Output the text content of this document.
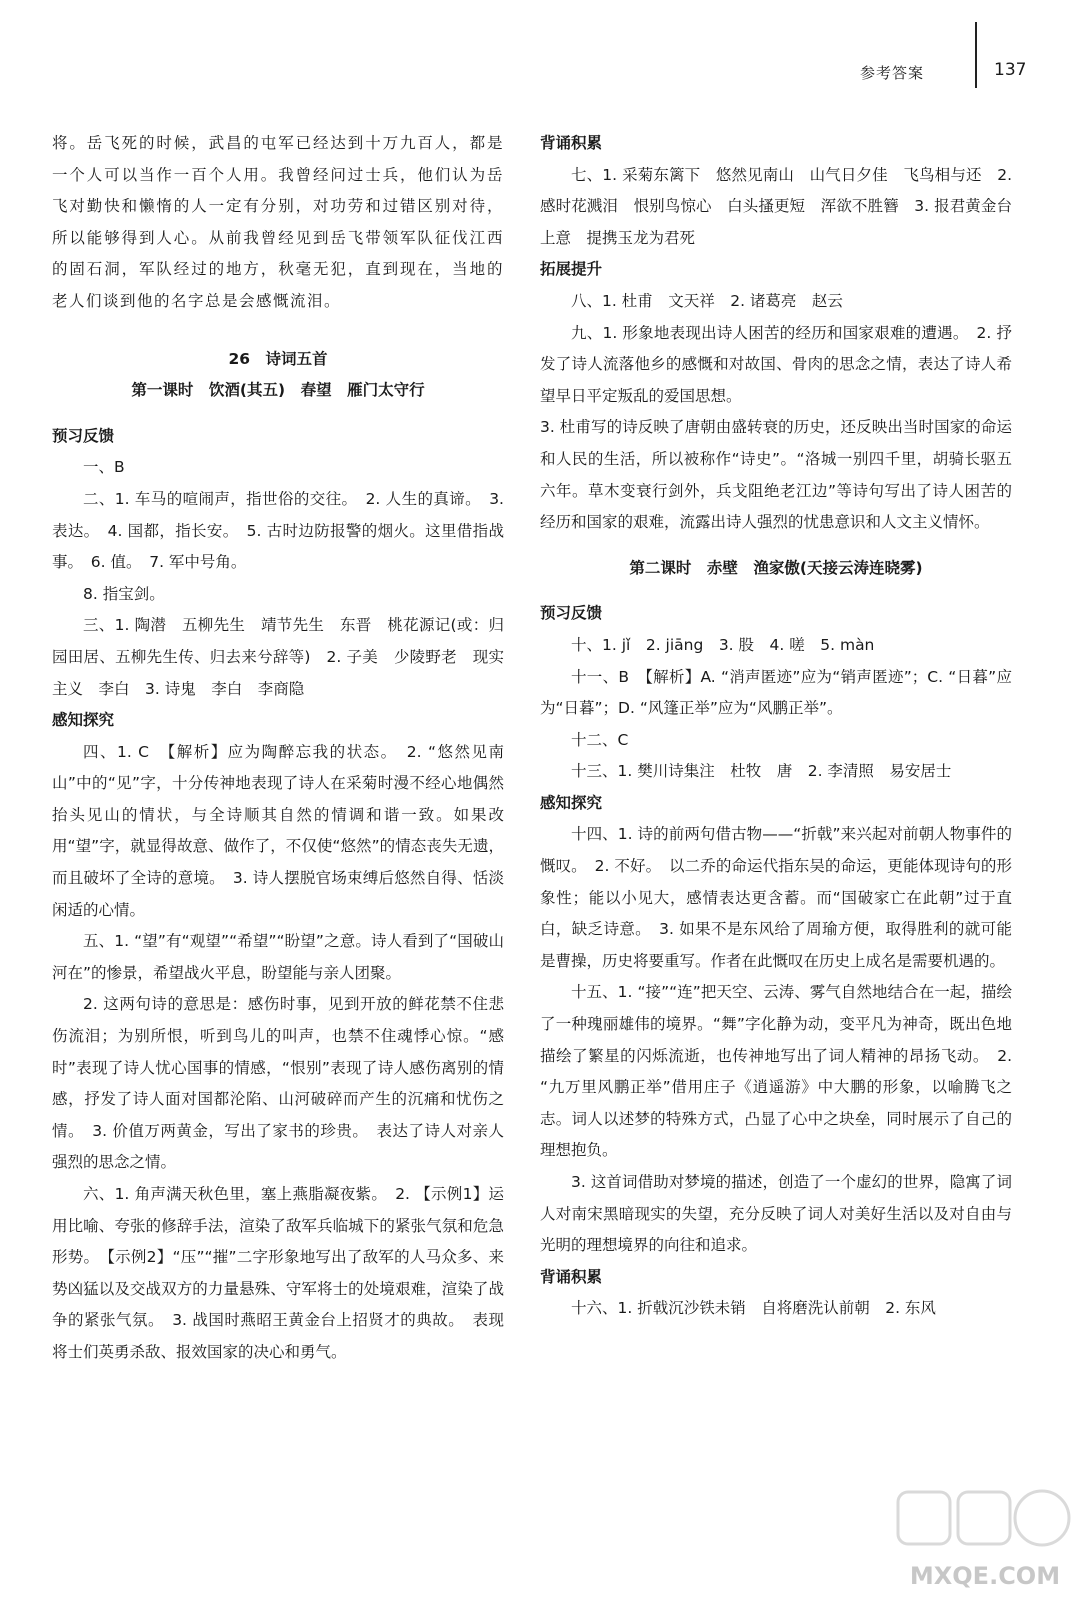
参考答案	137

将。岳飞死的时候，武昌的屯军已经达到十万九百人，都是一个人可以当作一百个人用。我曾经问过士兵，他们认为岳飞对勤快和懒惰的人一定有分别，对功劳和过错区别对待，所以能够得到人心。从前我曾经见到岳飞带领军队征伐江西的固石洞，军队经过的地方，秋毫无犯，直到现在，当地的老人们谈到他的名字总是会感慨流泪。

26　诗词五首

第一课时　饮酒(其五)　春望　雁门太守行

预习反馈

一、B

二、1. 车马的喧闹声，指世俗的交往。　2. 人生的真谛。　3. 表达。　4. 国都，指长安。　5. 古时边防报警的烟火。这里借指战事。　6. 值。　7. 军中号角。

8. 指宝剑。

三、1. 陶潜　五柳先生　靖节先生　东晋　桃花源记(或：归园田居、五柳先生传、归去来兮辞等)　2. 子美　少陵野老　现实主义　李白　3. 诗鬼　李白　李商隐

感知探究

四、1. C　【解析】应为陶醉忘我的状态。　2. “悠然见南山”中的“见”字，十分传神地表现了诗人在采菊时漫不经心地偶然抬头见山的情状，与全诗顺其自然的情调和谐一致。如果改用“望”字，就显得故意、做作了，不仅使“悠然”的情态丧失无遗，而且破坏了全诗的意境。　3. 诗人摆脱官场束缚后悠然自得、恬淡闲适的心情。

五、1. “望”有“观望”“希望”“盼望”之意。诗人看到了“国破山河在”的惨景，希望战火平息，盼望能与亲人团聚。

2. 这两句诗的意思是：感伤时事，见到开放的鲜花禁不住悲伤流泪；为别所恨，听到鸟儿的叫声，也禁不住魂悸心惊。“感时”表现了诗人忧心国事的情感，“恨别”表现了诗人感伤离别的情感，抒发了诗人面对国都沦陷、山河破碎而产生的沉痛和忧伤之情。　3. 价值万两黄金，写出了家书的珍贵。　表达了诗人对亲人强烈的思念之情。

六、1. 角声满天秋色里，塞上燕脂凝夜紫。　2. 【示例1】运用比喻、夸张的修辞手法，渲染了敌军兵临城下的紧张气氛和危急形势。　【示例2】“压”“摧”二字形象地写出了敌军的人马众多、来势凶猛以及交战双方的力量悬殊、守军将士的处境艰难，渲染了战争的紧张气氛。　3. 战国时燕昭王黄金台上招贤才的典故。　表现将士们英勇杀敌、报效国家的决心和勇气。

背诵积累

七、1. 采菊东篱下　悠然见南山　山气日夕佳　飞鸟相与还　2. 感时花溅泪　恨别鸟惊心　白头搔更短　浑欲不胜簪　3. 报君黄金台上意　提携玉龙为君死

拓展提升

八、1. 杜甫　文天祥　2. 诸葛亮　赵云

九、1. 形象地表现出诗人困苦的经历和国家艰难的遭遇。　2. 抒发了诗人流落他乡的感慨和对故国、骨肉的思念之情，表达了诗人希望早日平定叛乱的爱国思想。

3. 杜甫写的诗反映了唐朝由盛转衰的历史，还反映出当时国家的命运和人民的生活，所以被称作“诗史”。“洛城一别四千里，胡骑长驱五六年。草木变衰行剑外，兵戈阻绝老江边”等诗句写出了诗人困苦的经历和国家的艰难，流露出诗人强烈的忧患意识和人文主义情怀。

第二课时　赤壁　渔家傲(天接云涛连晓雾)

预习反馈

十、1. jǐ　2. jiāng　3. 股　4. 嗟　5. màn

十一、B　【解析】A. “消声匿迹”应为“销声匿迹”；C. “日暮”应为“日暮”；D. “风篷正举”应为“风鹏正举”。

十二、C

十三、1. 樊川诗集注　杜牧　唐　2. 李清照　易安居士

感知探究

十四、1. 诗的前两句借古物——“折戟”来兴起对前朝人物事件的慨叹。　2. 不好。　以二乔的命运代指东吴的命运，更能体现诗句的形象性；能以小见大，感情表达更含蓄。而“国破家亡在此朝”过于直白，缺乏诗意。　3. 如果不是东风给了周瑜方便，取得胜利的就可能是曹操，历史将要重写。作者在此慨叹在历史上成名是需要机遇的。

十五、1. “接”“连”把天空、云涛、雾气自然地结合在一起，描绘了一种瑰丽雄伟的境界。“舞”字化静为动，变平凡为神奇，既出色地描绘了繁星的闪烁流逝，也传神地写出了词人精神的昂扬飞动。　2. “九万里风鹏正举”借用庄子《逍遥游》中大鹏的形象，以喻腾飞之志。词人以述梦的特殊方式，凸显了心中之块垒，同时展示了自己的理想抱负。

3. 这首词借助对梦境的描述，创造了一个虚幻的世界，隐寓了词人对南宋黑暗现实的失望，充分反映了词人对美好生活以及对自由与光明的理想境界的向往和追求。

背诵积累

十六、1. 折戟沉沙铁未销　自将磨洗认前朝　2. 东风

MXQE.COM
